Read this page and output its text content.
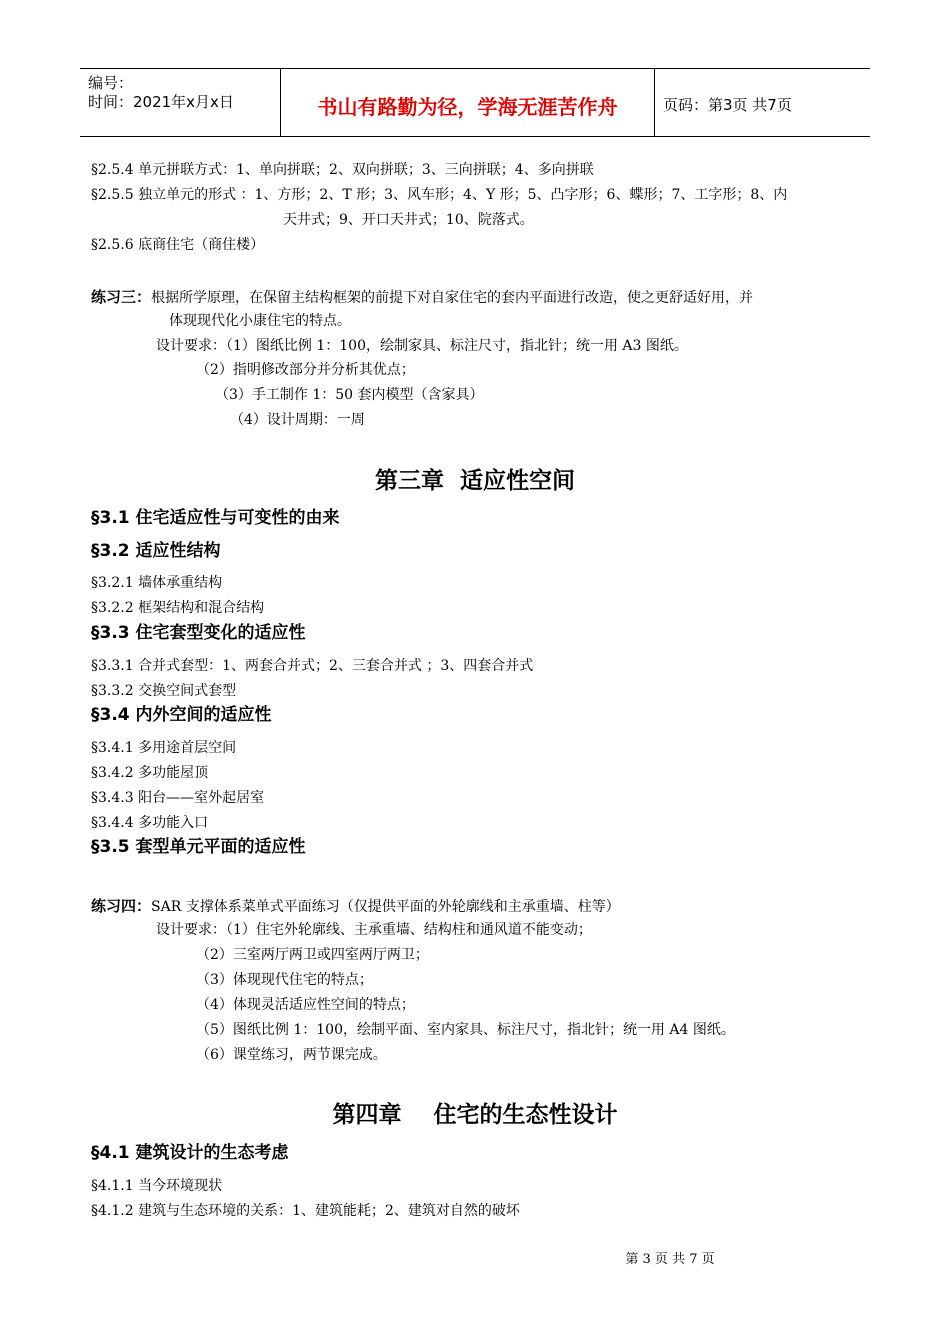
编号：
时间：2021年x月x日	书山有路勤为径，学海无涯苦作舟	页码：第3页 共7页
§2.5.4 单元拼联方式：1、单向拼联；2、双向拼联；3、三向拼联；4、多向拼联
§2.5.5 独立单元的形式 ：1、方形；2、T 形；3、风车形；4、Y 形；5、凸字形；6、蝶形；7、工字形；8、内
天井式；9、开口天井式；10、院落式。
§2.5.6 底商住宅（商住楼）
练习三：根据所学原理，在保留主结构框架的前提下对自家住宅的套内平面进行改造，使之更舒适好用，并
体现现代化小康住宅的特点。
设计要求：（1）图纸比例 1：100，绘制家具、标注尺寸，指北针；统一用 A3 图纸。
（2）指明修改部分并分析其优点；
（3）手工制作 1：50 套内模型（含家具）
（4）设计周期：一周
第三章  适应性空间
§3.1 住宅适应性与可变性的由来
§3.2 适应性结构
§3.2.1 墙体承重结构
§3.2.2 框架结构和混合结构
§3.3 住宅套型变化的适应性
§3.3.1 合并式套型：1、两套合并式；2、三套合并式 ；3、四套合并式
§3.3.2 交换空间式套型
§3.4 内外空间的适应性
§3.4.1 多用途首层空间
§3.4.2 多功能屋顶
§3.4.3 阳台——室外起居室
§3.4.4 多功能入口
§3.5 套型单元平面的适应性
练习四：SAR 支撑体系菜单式平面练习（仅提供平面的外轮廓线和主承重墙、柱等）
设计要求：（1）住宅外轮廓线、主承重墙、结构柱和通风道不能变动；
（2）三室两厅两卫或四室两厅两卫；
（3）体现现代住宅的特点；
（4）体现灵活适应性空间的特点；
（5）图纸比例 1：100，绘制平面、室内家具、标注尺寸，指北针；统一用 A4 图纸。
（6）课堂练习，两节课完成。
第四章    住宅的生态性设计
§4.1 建筑设计的生态考虑
§4.1.1 当今环境现状
§4.1.2 建筑与生态环境的关系：1、建筑能耗；2、建筑对自然的破坏
第 3 页 共 7 页
